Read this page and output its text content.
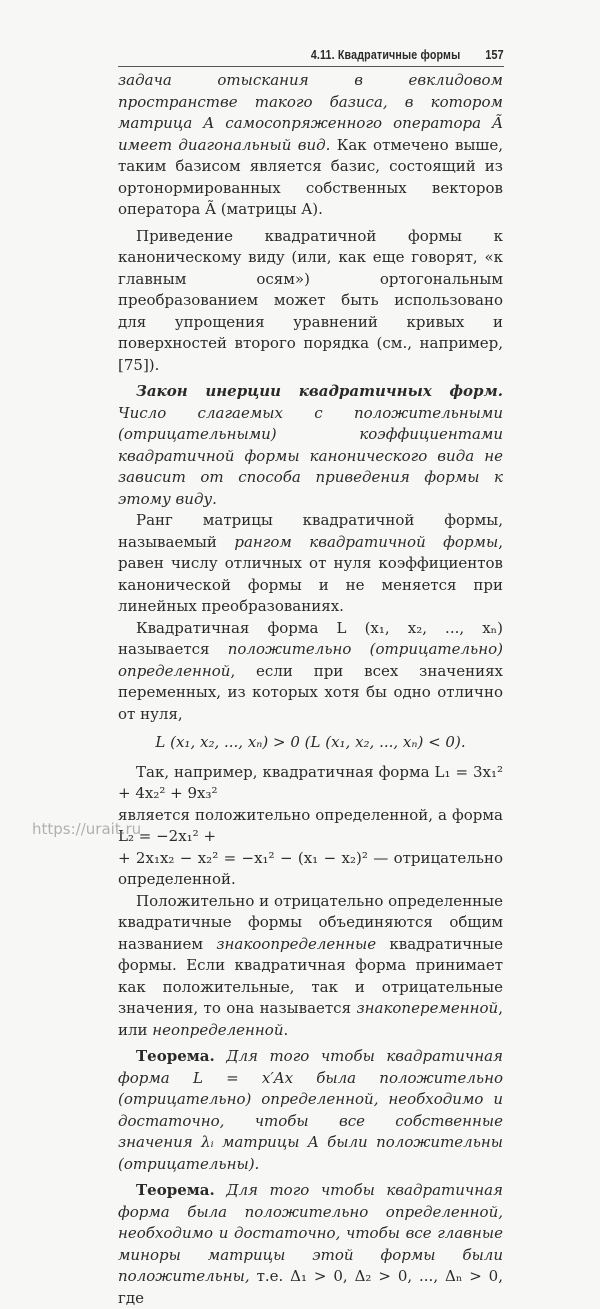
4.11. Квадратичные формы 157

задача отыскания в евклидовом пространстве такого базиса, в котором матрица A самосопряженного оператора Ã имеет диагональный вид. Как отмечено выше, таким базисом является базис, состоящий из ортонормированных собственных векторов оператора Ã (матрицы A).

Приведение квадратичной формы к каноническому виду (или, как еще говорят, «к главным осям») ортогональным преобразованием может быть использовано для упрощения уравнений кривых и поверхностей второго порядка (см., например, [75]).

Закон инерции квадратичных форм. Число слагаемых с положительными (отрицательными) коэффициентами квадратичной формы канонического вида не зависит от способа приведения формы к этому виду.

Ранг матрицы квадратичной формы, называемый рангом квадратичной формы, равен числу отличных от нуля коэффициентов канонической формы и не меняется при линейных преобразованиях.

Квадратичная форма L (x₁, x₂, ..., xₙ) называется положительно (отрицательно) определенной, если при всех значениях переменных, из которых хотя бы одно отлично от нуля,

L (x₁, x₂, ..., xₙ) > 0 (L (x₁, x₂, ..., xₙ) < 0).

Так, например, квадратичная форма L₁ = 3x₁² + 4x₂² + 9x₃²

является положительно определенной, а форма L₂ = −2x₁² +

+ 2x₁x₂ − x₂² = −x₁² − (x₁ − x₂)² — отрицательно определенной.

Положительно и отрицательно определенные квадратичные формы объединяются общим названием знакоопределенные квадратичные формы. Если квадратичная форма принимает как положительные, так и отрицательные значения, то она называется знакопеременной, или неопределенной.

Теорема. Для того чтобы квадратичная форма L = x′Ax была положительно (отрицательно) определенной, необходимо и достаточно, чтобы все собственные значения λᵢ матрицы A были положительны (отрицательны).

Теорема. Для того чтобы квадратичная форма была положительно определенной, необходимо и достаточно, чтобы все главные миноры матрицы этой формы были положительны, т.е. Δ₁ > 0, Δ₂ > 0, ..., Δₙ > 0, где

https://urait.ru
